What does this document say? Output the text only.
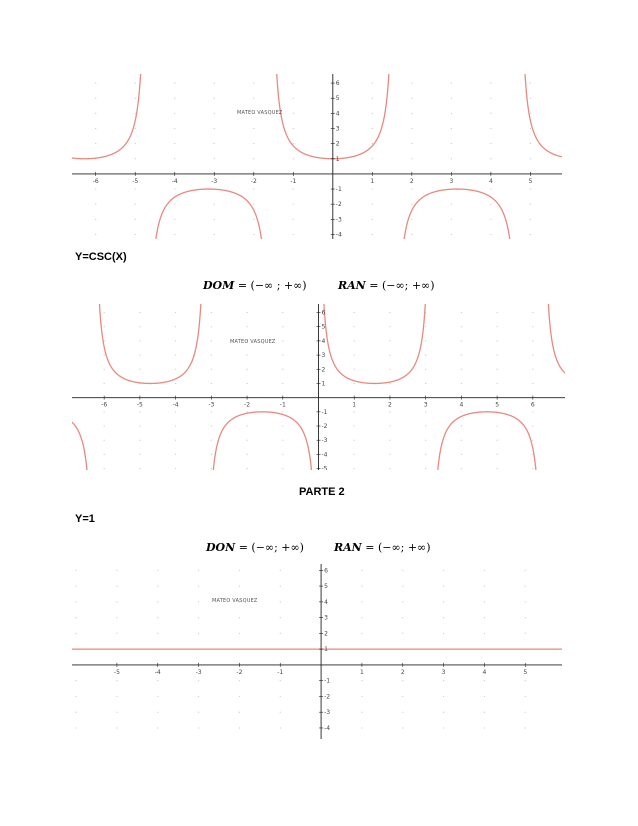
-6	-5	-4	-3	-2	-1	1	2	3	4	5
6
5
4
3
2
1
-1
-2
-3
-4
MATEO VASQUEZ
Y=CSC(X)
DOM = (−∞ ; +∞)	RAN = (−∞; +∞)
-6	-5	-4	-3	-2	-1	1	2	3	4	5	6
6
5
4
3
2
1
-1
-2
-3
-4
-5
MATEO VASQUEZ
PARTE 2
Y=1
DON = (−∞; +∞)	RAN = (−∞; +∞)
-5	-4	-3	-2	-1	1	2	3	4	5
6
5
4
3
2
1
-1
-2
-3
-4
MATEO VASQUEZ
